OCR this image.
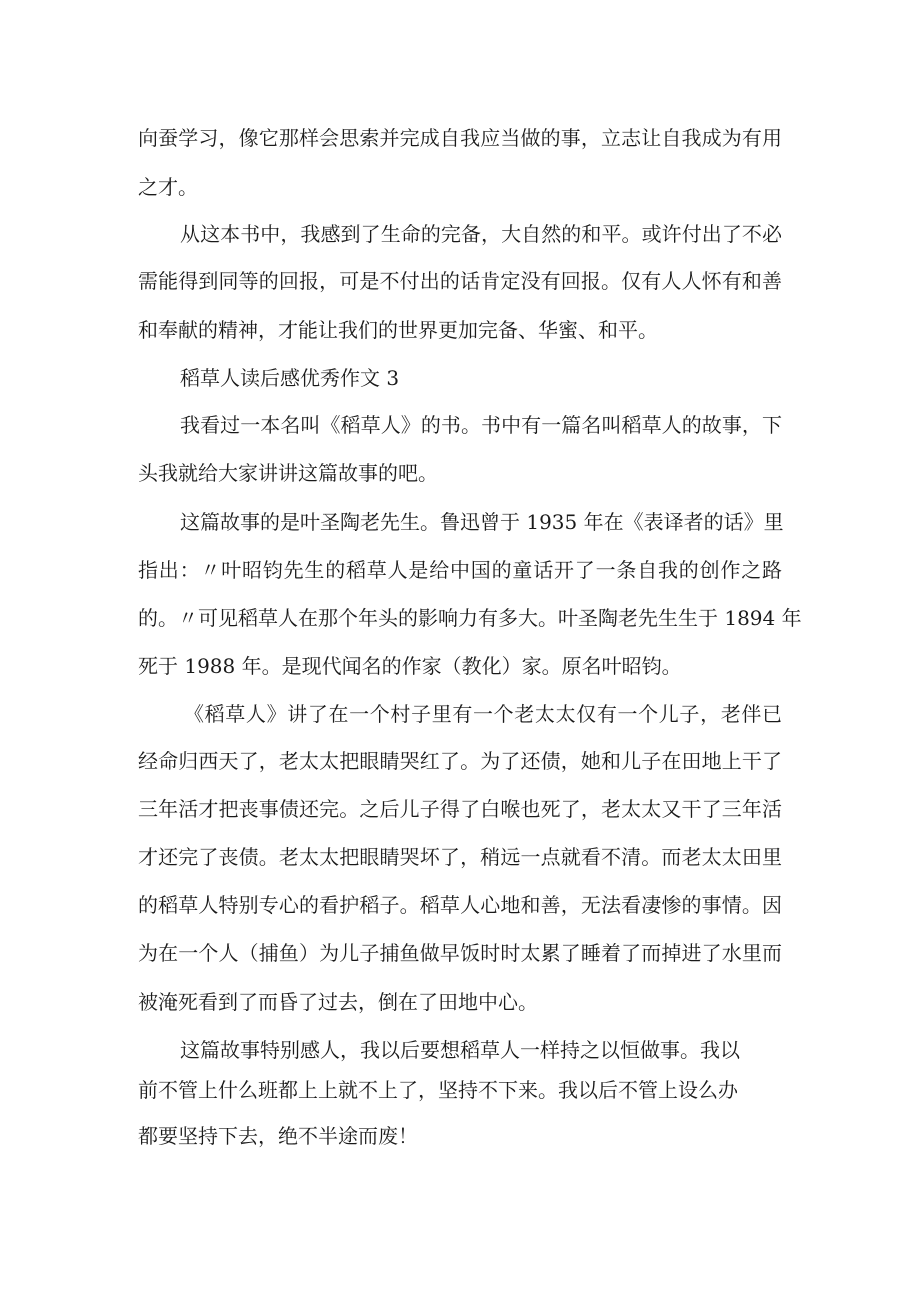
向蚕学习，像它那样会思索并完成自我应当做的事，立志让自我成为有用

之才。

从这本书中，我感到了生命的完备，大自然的和平。或许付出了不必

需能得到同等的回报，可是不付出的话肯定没有回报。仅有人人怀有和善

和奉献的精神，才能让我们的世界更加完备、华蜜、和平。

稻草人读后感优秀作文 3

我看过一本名叫《稻草人》的书。书中有一篇名叫稻草人的故事，下

头我就给大家讲讲这篇故事的吧。

这篇故事的是叶圣陶老先生。鲁迅曾于 1935 年在《表译者的话》里

指出：〃叶昭钧先生的稻草人是给中国的童话开了一条自我的创作之路

的。〃可见稻草人在那个年头的影响力有多大。叶圣陶老先生生于 1894 年

死于 1988 年。是现代闻名的作家（教化）家。原名叶昭钧。

《稻草人》讲了在一个村子里有一个老太太仅有一个儿子，老伴已

经命归西天了，老太太把眼睛哭红了。为了还债，她和儿子在田地上干了

三年活才把丧事债还完。之后儿子得了白喉也死了，老太太又干了三年活

才还完了丧债。老太太把眼睛哭坏了，稍远一点就看不清。而老太太田里

的稻草人特别专心的看护稻子。稻草人心地和善，无法看凄惨的事情。因

为在一个人（捕鱼）为儿子捕鱼做早饭时时太累了睡着了而掉进了水里而

被淹死看到了而昏了过去，倒在了田地中心。

这篇故事特别感人，我以后要想稻草人一样持之以恒做事。我以

前不管上什么班都上上就不上了，坚持不下来。我以后不管上设么办

都要坚持下去，绝不半途而废！
